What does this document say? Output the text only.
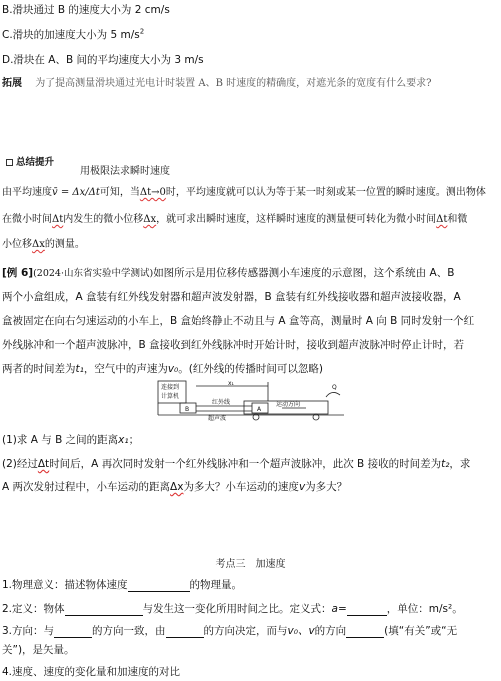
B.滑块通过 B 的速度大小为 2 cm/s
C.滑块的加速度大小为 5 $m/s^2$
D.滑块在 A、B 间的平均速度大小为 3 m/s
拓展 为了提高测量滑块通过光电计时装置 A、B 时速度的精确度，对遮光条的宽度有什么要求?
总结提升
用极限法求瞬时速度
由平均速度v̄ = Δx/Δt可知，当Δt→0时，平均速度就可以认为等于某一时刻或某一位置的瞬时速度。测出物体
在微小时间Δt内发生的微小位移Δx，就可求出瞬时速度，这样瞬时速度的测量便可转化为微小时间Δt和微
小位移Δx的测量。
[例 6](2024·山东省实验中学测试)如图所示是用位移传感器测小车速度的示意图，这个系统由 A、B
两个小盒组成，A 盒装有红外线发射器和超声波发射器，B 盒装有红外线接收器和超声波接收器，A
盒被固定在向右匀速运动的小车上，B 盒始终静止不动且与 A 盒等高，测量时 A 向 B 同时发射一个红
外线脉冲和一个超声波脉冲，B 盒接收到红外线脉冲时开始计时，接收到超声波脉冲时停止计时，若
两者的时间差为t₁，空气中的声速为v₀。(红外线的传播时间可以忽略)
连接到
计算机
B	A
红外线
超声波
x₁
Q
运动方向
(1)求 A 与 B 之间的距离x₁；
(2)经过Δt时间后，A 再次同时发射一个红外线脉冲和一个超声波脉冲，此次 B 接收的时间差为t₂，求
A 两次发射过程中，小车运动的距离Δx为多大？小车运动的速度v为多大？
考点三　加速度
1.物理意义：描述物体速度	的物理量。
2.定义：物体	与发生这一变化所用时间之比。定义式：a=	，单位：m/s²。
3.方向：与	的方向一致，由	的方向决定，而与v₀、v的方向	(填“有关”或“无
关”)，是矢量。
4.速度、速度的变化量和加速度的对比
